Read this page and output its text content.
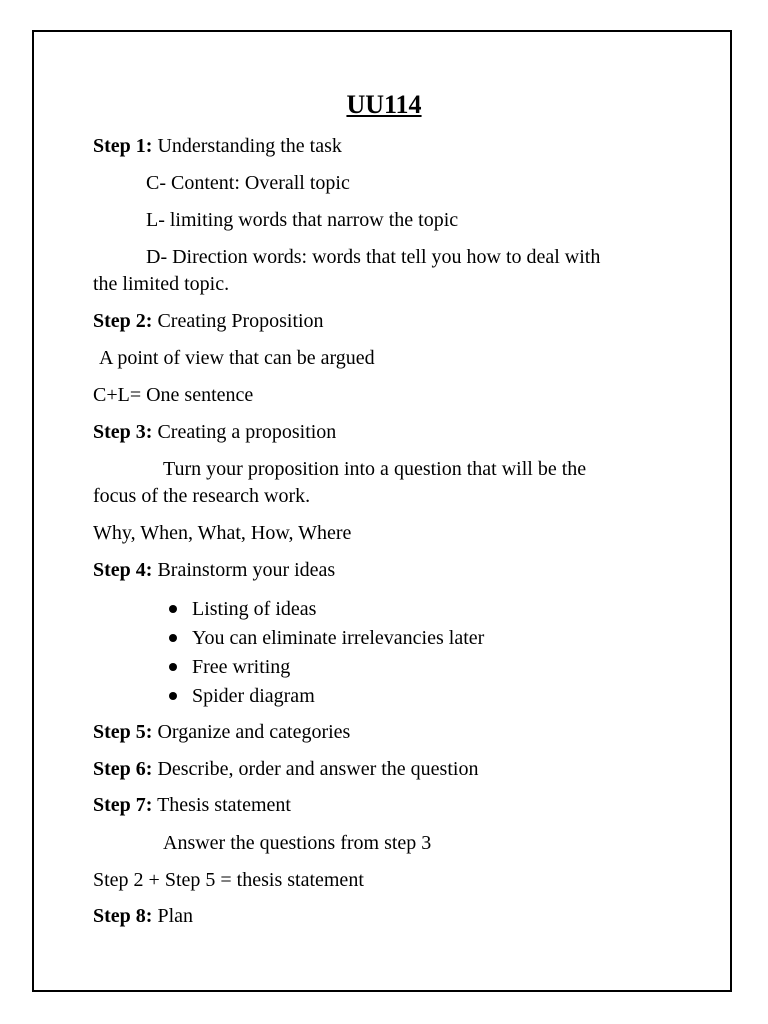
UU114
Step 1: Understanding the task
C- Content: Overall topic
L- limiting words that narrow the topic
D- Direction words: words that tell you how to deal with
the limited topic.
Step 2: Creating Proposition
A point of view that can be argued
C+L= One sentence
Step 3: Creating a proposition
Turn your proposition into a question that will be the
focus of the research work.
Why, When, What, How, Where
Step 4: Brainstorm your ideas
Listing of ideas
You can eliminate irrelevancies later
Free writing
Spider diagram
Step 5: Organize and categories
Step 6: Describe, order and answer the question
Step 7: Thesis statement
Answer the questions from step 3
Step 2 + Step 5 = thesis statement
Step 8: Plan
